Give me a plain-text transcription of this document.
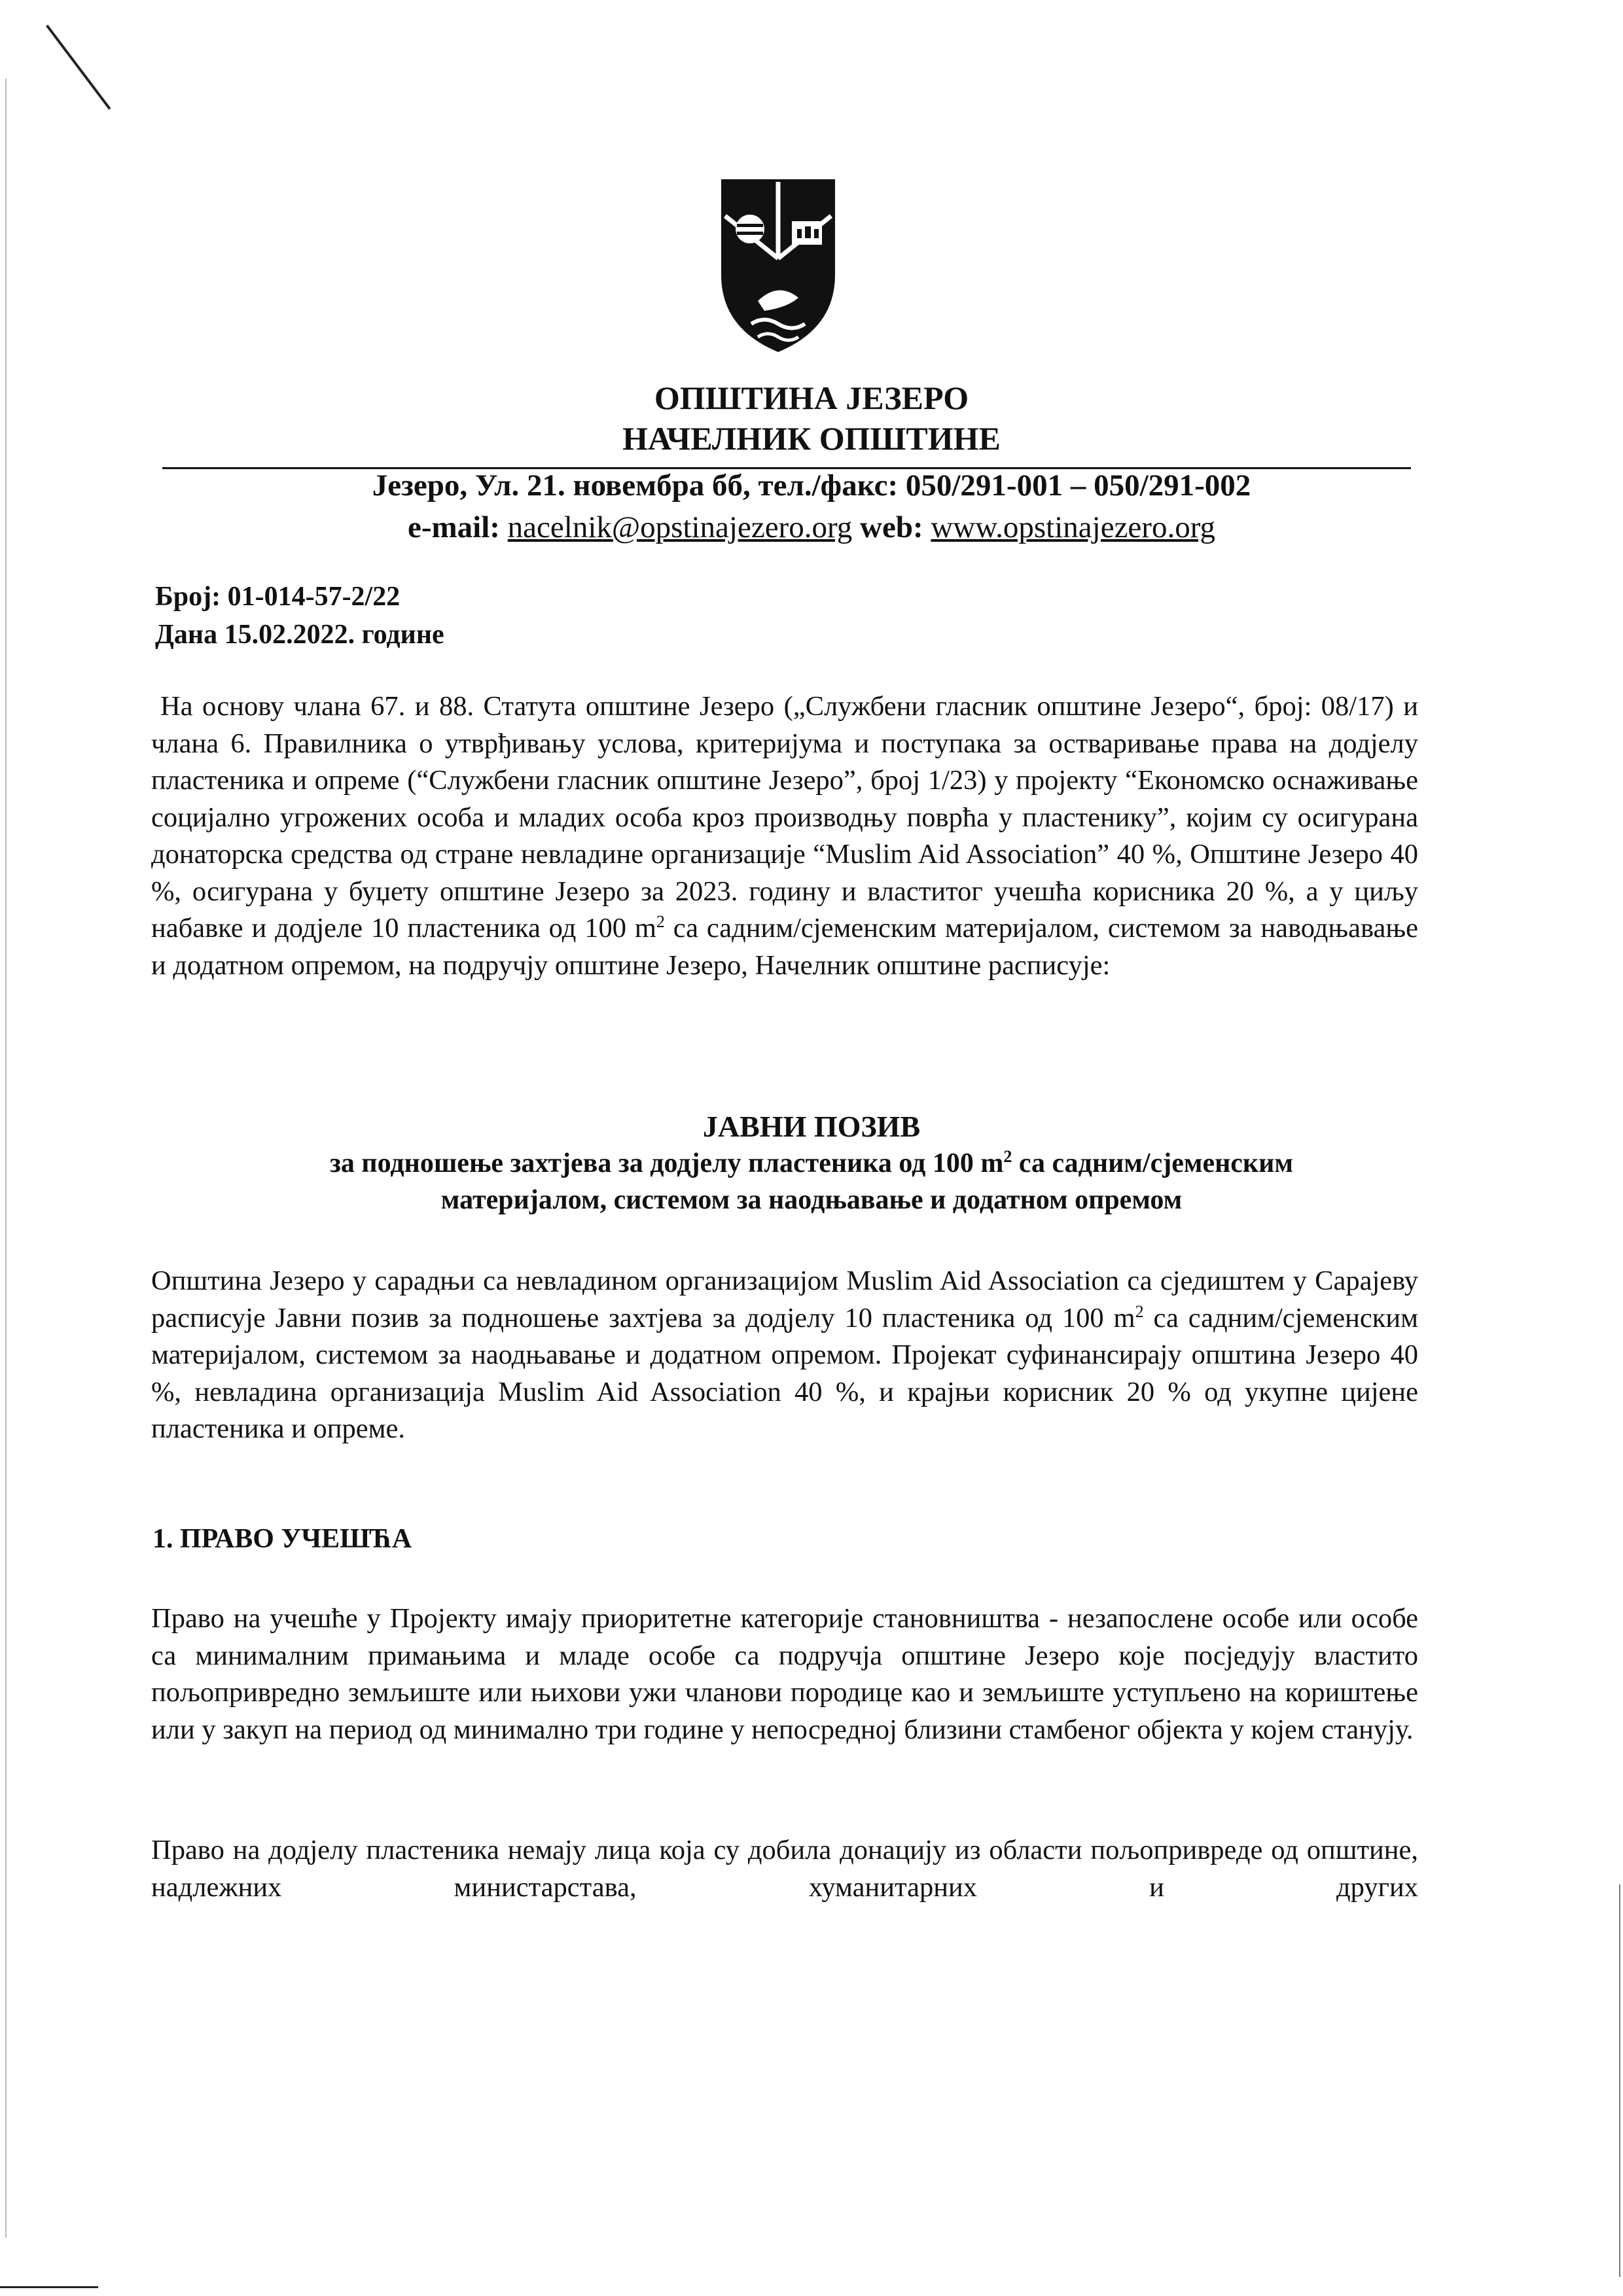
ОПШТИНА ЈЕЗЕРО
НАЧЕЛНИК ОПШТИНЕ
Језеро, Ул. 21. новембра бб, тел./факс: 050/291-001 – 050/291-002
e-mail: nacelnik@opstinajezero.org web: www.opstinajezero.org
Број: 01-014-57-2/22
Дана 15.02.2022. године

На основу члана 67. и 88. Статута општине Језеро („Службени гласник општине Језеро“, број: 08/17) и члана 6. Правилника о утврђивању услова, критеријума и поступака за остваривање права на додјелу пластеника и опреме (“Службени гласник општине Језеро”, број 1/23) у пројекту “Економско оснаживање социјално угрожених особа и младих особа кроз производњу поврћа у пластенику”, којим су осигурана донаторска средства од стране невладине организације “Muslim Aid Association” 40 %, Општине Језеро 40 %, осигурана у буџету општине Језеро за 2023. годину и властитог учешћа корисника 20 %, а у циљу набавке и додјеле 10 пластеника од 100 $m^2$ са садним/сјеменским материјалом, системом за наводњавање и додатном опремом, на подручју општине Језеро, Начелник општине расписује:

ЈАВНИ ПОЗИВ
за подношење захтјева за додјелу пластеника од 100 $m^2$ са садним/сјеменским
материјалом, системом за наодњавање и додатном опремом

Општина Језеро у сарадњи са невладином организацијом Muslim Aid Association са сједиштем у Сарајеву расписује Јавни позив за подношење захтјева за додјелу 10 пластеника од 100 $m^2$ са садним/сјеменским материјалом, системом за наодњавање и додатном опремом. Пројекат суфинансирају општина Језеро 40 %, невладина организација Muslim Aid Association 40 %, и крајњи корисник 20 % од укупне цијене пластеника и опреме.

1. ПРАВО УЧЕШЋА

Право на учешће у Пројекту имају приоритетне категорије становништва - незапослене особе или особе са минималним примањима и младе особе са подручја општине Језеро које посједују властито пољопривредно земљиште или њихови ужи чланови породице као и земљиште уступљено на кориштење или у закуп на период од минимално три године у непосредној близини стамбеног објекта у којем станују.

Право на додјелу пластеника немају лица која су добила донацију из области пољопривреде од општине, надлежних министарстава, хуманитарних и других
